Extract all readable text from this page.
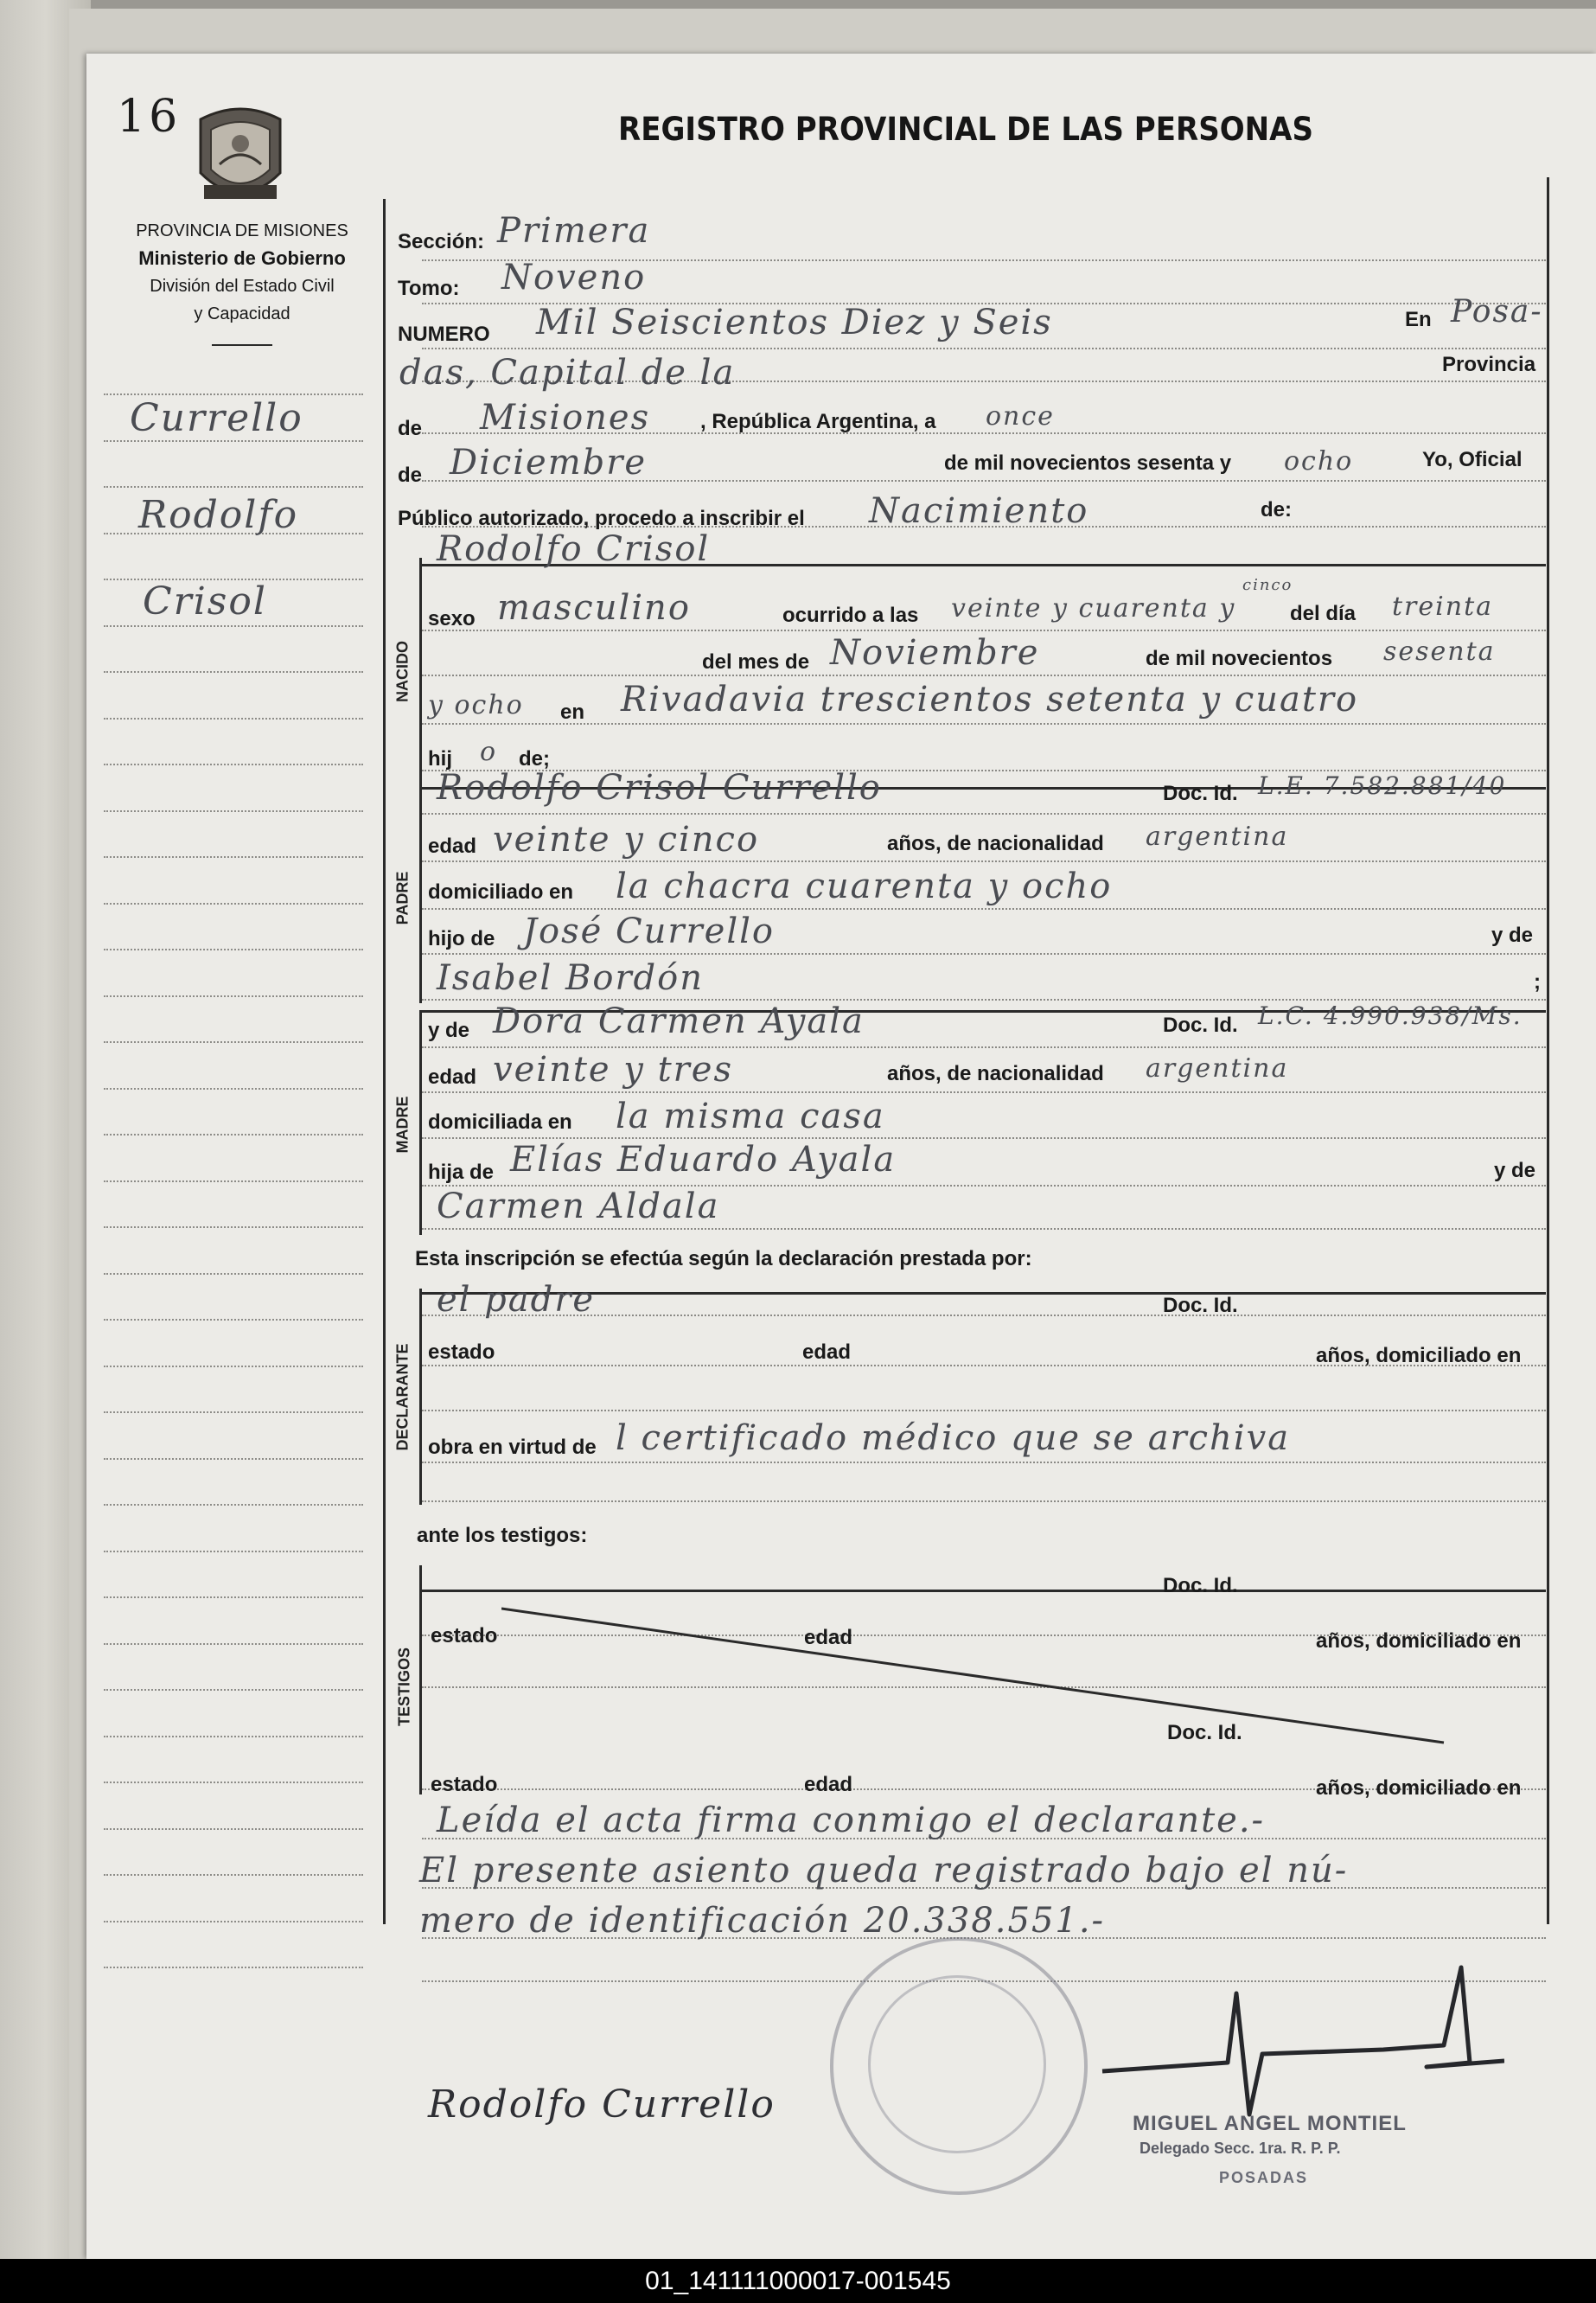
16	REGISTRO PROVINCIAL DE LAS PERSONAS
PROVINCIA DE MISIONES
Ministerio de Gobierno
División del Estado Civil
y Capacidad
Currello
Rodolfo
Crisol
NACIDO
PADRE
MADRE
DECLARANTE
TESTIGOS
Sección: Primera
Tomo: Noveno
NUMERO Mil Seiscientos Diez y Seis	En Posa-
das, Capital de la	Provincia
de Misiones , República Argentina, a once
de Diciembre	de mil novecientos sesenta y ocho	Yo, Oficial
Público autorizado, procedo a inscribir el Nacimiento	de:
Rodolfo Crisol
sexo masculino	ocurrido a las veinte y cuarenta y
cinco
del día treinta
del mes de Noviembre	de mil novecientos sesenta
y ocho en Rivadavia trescientos setenta y cuatro
hij o de;
Rodolfo Crisol Currello	Doc. Id. L.E. 7.582.881/40
edad veinte y cinco	años, de nacionalidad argentina
domiciliado en la chacra cuarenta y ocho
hijo de José Currello	y de
Isabel Bordón	;
y de Dora Carmen Ayala	Doc. Id. L.C. 4.990.938/Ms.
edad veinte y tres	años, de nacionalidad argentina
domiciliada en la misma casa
hija de Elías Eduardo Ayala	y de
Carmen Aldala
Esta inscripción se efectúa según la declaración prestada por:
el padre	Doc. Id.
estado	edad	años, domiciliado en
obra en virtud de l certificado médico que se archiva
ante los testigos:
Doc. Id.
estado	edad	años, domiciliado en
Doc. Id.
estado	edad	años, domiciliado en
Leída el acta firma conmigo el declarante.-
El presente asiento queda registrado bajo el nú-
mero de identificación 20.338.551.-
Rodolfo Currello	MIGUEL ANGEL MONTIEL
Delegado Secc. 1ra. R. P. P.
POSADAS
01_141111000017-001545
